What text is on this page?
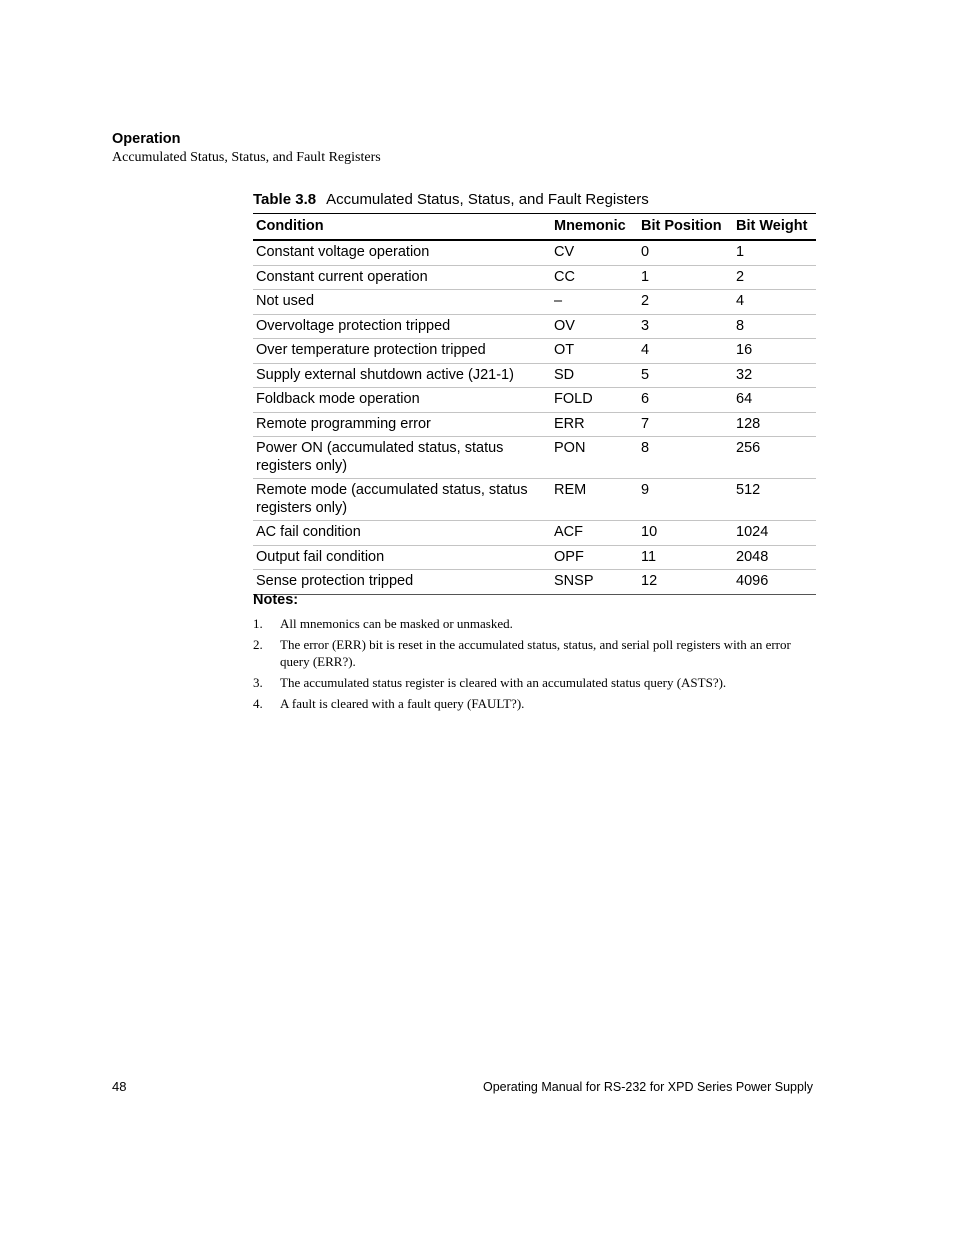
Operation
Accumulated Status, Status, and Fault Registers
Table 3.8 Accumulated Status, Status, and Fault Registers
Condition	Mnemonic	Bit Position	Bit Weight
Constant voltage operation	CV	0	1
Constant current operation	CC	1	2
Not used	–	2	4
Overvoltage protection tripped	OV	3	8
Over temperature protection tripped	OT	4	16
Supply external shutdown active (J21-1)	SD	5	32
Foldback mode operation	FOLD	6	64
Remote programming error	ERR	7	128
Power ON (accumulated status, status registers only)	PON	8	256
Remote mode (accumulated status, status registers only)	REM	9	512
AC fail condition	ACF	10	1024
Output fail condition	OPF	11	2048
Sense protection tripped	SNSP	12	4096
Notes:
1. All mnemonics can be masked or unmasked.
2. The error (ERR) bit is reset in the accumulated status, status, and serial poll registers with an error query (ERR?).
3. The accumulated status register is cleared with an accumulated status query (ASTS?).
4. A fault is cleared with a fault query (FAULT?).
48	Operating Manual for RS-232 for XPD Series Power Supply
